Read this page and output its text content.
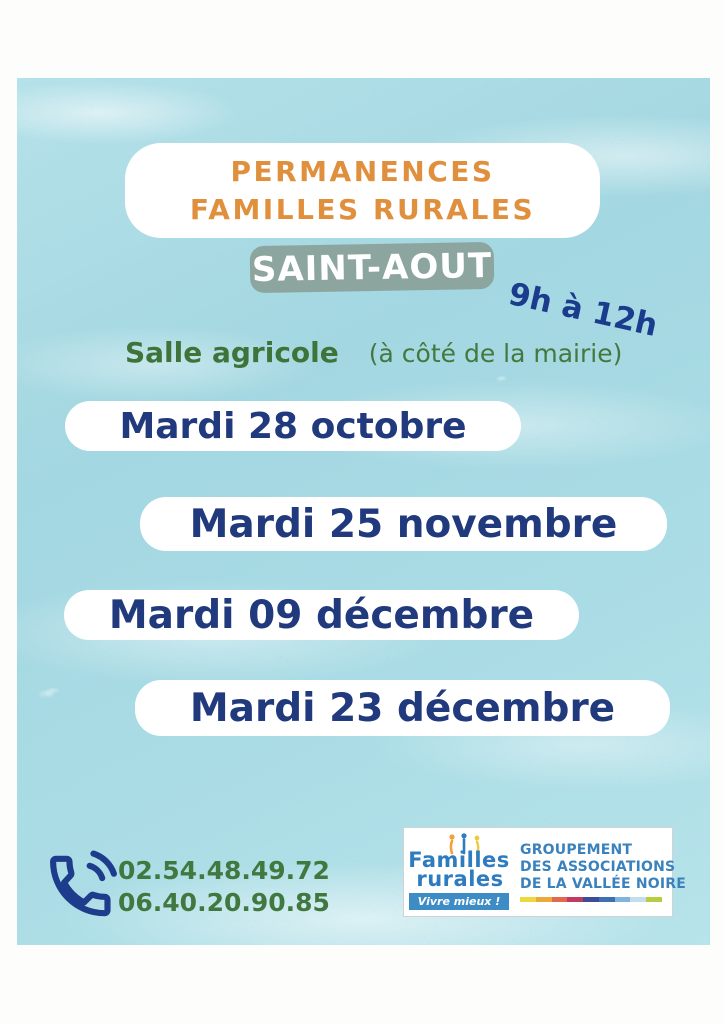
PERMANENCES
FAMILLES RURALES
SAINT-AOUT
9h à 12h
Salle agricole (à côté de la mairie)
Mardi 28 octobre
Mardi 25 novembre
Mardi 09 décembre
Mardi 23 décembre
02.54.48.49.72
06.40.20.90.85
Familles
rurales
Vivre mieux !
GROUPEMENT
DES ASSOCIATIONS
DE LA VALLÉE NOIRE
